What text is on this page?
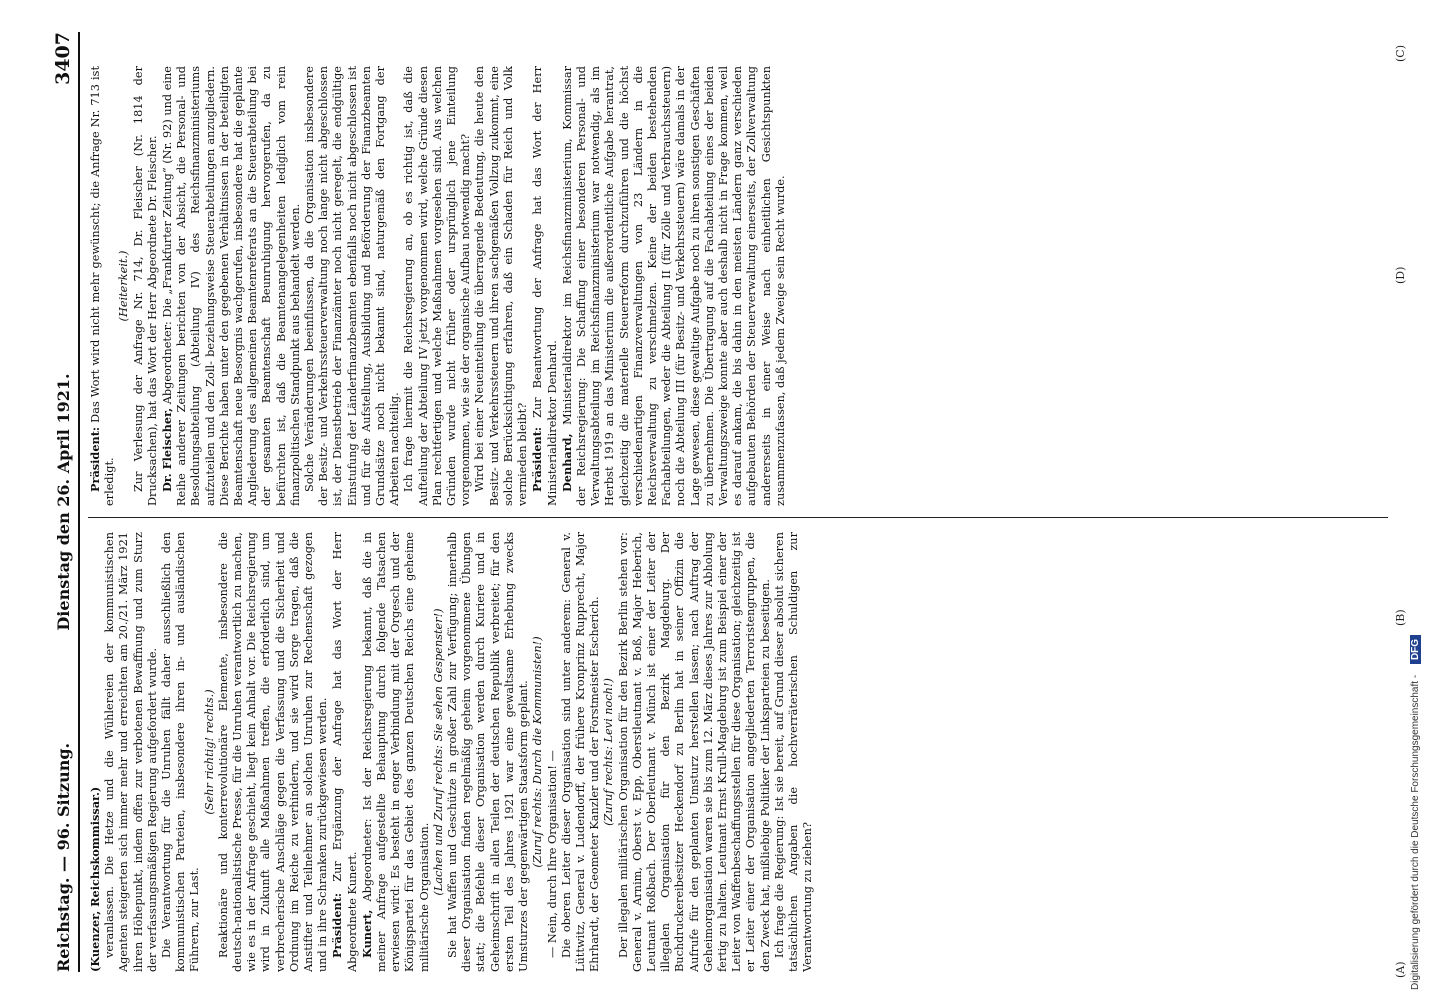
Reichstag. — 96. Sitzung.
Dienstag den 26. April 1921.
3407

(Kuenzer, Reichskommissar.) veranlassen. Die Hetze und die Wühlereien der kommunistischen Agenten steigerten sich immer mehr und erreichten am 20./21. März 1921 ihren Höhepunkt, indem offen zur verbotenen Bewaffnung und zum Sturz der verfassungsmäßigen Regierung aufgefordert wurde. Die Verantwortung für die Unruhen fällt daher ausschließlich den kommunistischen Parteien, insbesondere ihren in- und ausländischen Führern, zur Last.

(Sehr richtig! rechts.) Reaktionäre und konterrevolutionäre Elemente, insbesondere die deutsch-nationalistische Presse, für die Unruhen verantwortlich zu machen, wie es in der Anfrage geschieht, liegt kein Anhalt vor. Die Reichsregierung wird in Zukunft alle Maßnahmen treffen, die erforderlich sind, um verbrecherische Anschläge gegen die Verfassung und die Sicherheit und Ordnung im Reiche zu verhindern, und sie wird Sorge tragen, daß die Anstifter und Teilnehmer an solchen Unruhen zur Rechenschaft gezogen und in ihre Schranken zurückgewiesen werden. Präsident: Zur Ergänzung der Anfrage hat das Wort der Herr Abgeordnete Kunert. Kunert, Abgeordneter: Ist der Reichsregierung bekannt, daß die in meiner Anfrage aufgestellte Behauptung durch folgende Tatsachen erwiesen wird: Es besteht in enger Verbindung mit der Orgesch und der Königspartei für das Gebiet des ganzen Deutschen Reichs eine geheime militärische Organisation.

(Lachen und Zuruf rechts: Sie sehen Gespenster!) Sie hat Waffen und Geschütze in großer Zahl zur Verfügung; innerhalb dieser Organisation finden regelmäßig geheim vorgenommene Übungen statt; die Befehle dieser Organisation werden durch Kuriere und in Geheimschrift in allen Teilen der deutschen Republik verbreitet; für den ersten Teil des Jahres 1921 war eine gewaltsame Erhebung zwecks Umsturzes der gegenwärtigen Staatsform geplant. (Zuruf rechts: Durch die Kommunisten!) — Nein, durch Ihre Organisation! — Die oberen Leiter dieser Organisation sind unter anderem: General v. Lüttwitz, General v. Ludendorff, der frühere Kronprinz Rupprecht, Major Ehrhardt, der Geometer Kanzler und der Forstmeister Escherich. (Zuruf rechts: Levi noch!) Der illegalen militärischen Organisation für den Bezirk Berlin stehen vor: General v. Arnim, Oberst v. Epp, Oberstleutnant v. Boß, Major Heberich, Leutnant Roßbach. Der Oberleutnant v. Münch ist einer der Leiter der illegalen Organisation für den Bezirk Magdeburg. Der Buchdruckereibesitzer Heckendorf zu Berlin hat in seiner Offizin die Aufrufe für den geplanten Umsturz herstellen lassen; nach Auftrag der Geheimorganisation waren sie bis zum 12. März dieses Jahres zur Abholung fertig zu halten. Leutnant Ernst Krull-Magdeburg ist zum Beispiel einer der Leiter von Waffenbeschaffungsstellen für diese Organisation; gleichzeitig ist er Leiter einer der Organisation angegliederten Terroristengruppen, die den Zweck hat, mißliebige Politiker der Linksparteien zu beseitigen. Ich frage die Regierung: Ist sie bereit, auf Grund dieser absolut sicheren tatsächlichen Angaben die hochverräterischen Schuldigen zur Verantwortung zu ziehen?

Präsident: Das Wort wird nicht mehr gewünscht; die Anfrage Nr. 713 ist erledigt.

(Heiterkeit.) Zur Verlesung der Anfrage Nr. 714, Dr. Fleischer (Nr. 1814 der Drucksachen), hat das Wort der Herr Abgeordnete Dr. Fleischer. Dr. Fleischer, Abgeordneter: Die „Frankfurter Zeitung“ (Nr. 92) und eine Reihe anderer Zeitungen berichten von der Absicht, die Personal- und Besoldungsabteilung (Abteilung IV) des Reichsfinanzministeriums aufzuteilen und den Zoll- beziehungsweise Steuerabteilungen anzugliedern. Diese Berichte haben unter den gegebenen Verhältnissen in der beteiligten Beamtenschaft neue Besorgnis wachgerufen, insbesondere hat die geplante Angliederung des allgemeinen Beamtenreferats an die Steuerabteilung bei der gesamten Beamtenschaft Beunruhigung hervorgerufen, da zu befürchten ist, daß die Beamtenangelegenheiten lediglich vom rein finanzpolitischen Standpunkt aus behandelt werden. Solche Veränderungen beeinflussen, da die Organisation insbesondere der Besitz- und Verkehrssteuerverwaltung noch lange nicht abgeschlossen ist, der Dienstbetrieb der Finanzämter noch nicht geregelt, die endgültige Einstufung der Länderfinanzbeamten ebenfalls noch nicht abgeschlossen ist und für die Aufstellung, Ausbildung und Beförderung der Finanzbeamten Grundsätze noch nicht bekannt sind, naturgemäß den Fortgang der Arbeiten nachteilig. Ich frage hiermit die Reichsregierung an, ob es richtig ist, daß die Aufteilung der Abteilung IV jetzt vorgenommen wird, welche Gründe diesen Plan rechtfertigen und welche Maßnahmen vorgesehen sind. Aus welchen Gründen wurde nicht früher oder ursprünglich jene Einteilung vorgenommen, wie sie der organische Aufbau notwendig macht? Wird bei einer Neueinteilung die überragende Bedeutung, die heute den Besitz- und Verkehrssteuern und ihren sachgemäßen Vollzug zukommt, eine solche Berücksichtigung erfahren, daß ein Schaden für Reich und Volk vermieden bleibt? Präsident: Zur Beantwortung der Anfrage hat das Wort der Herr Ministerialdirektor Denhard. Denhard, Ministerialdirektor im Reichsfinanzministerium, Kommissar der Reichsregierung: Die Schaffung einer besonderen Personal- und Verwaltungsabteilung im Reichsfinanzministerium war notwendig, als im Herbst 1919 an das Ministerium die außerordentliche Aufgabe herantrat, gleichzeitig die materielle Steuerreform durchzuführen und die höchst verschiedenartigen Finanzverwaltungen von 23 Ländern in die Reichsverwaltung zu verschmelzen. Keine der beiden bestehenden Fachabteilungen, weder die Abteilung II (für Zölle und Verbrauchssteuern) noch die Abteilung III (für Besitz- und Verkehrssteuern) wäre damals in der Lage gewesen, diese gewaltige Aufgabe noch zu ihren sonstigen Geschäften zu übernehmen. Die Übertragung auf die Fachabteilung eines der beiden Verwaltungszweige konnte aber auch deshalb nicht in Frage kommen, weil es darauf ankam, die bis dahin in den meisten Ländern ganz verschieden aufgebauten Behörden der Steuerverwaltung einerseits, der Zollverwaltung andererseits in einer Weise nach einheitlichen Gesichtspunkten zusammenzufassen, daß jedem Zweige sein Recht wurde.

(A)
(B)
(C)
(D)
Digitalisierung gefördert durch die Deutsche Forschungsgemeinschaft - DFG
